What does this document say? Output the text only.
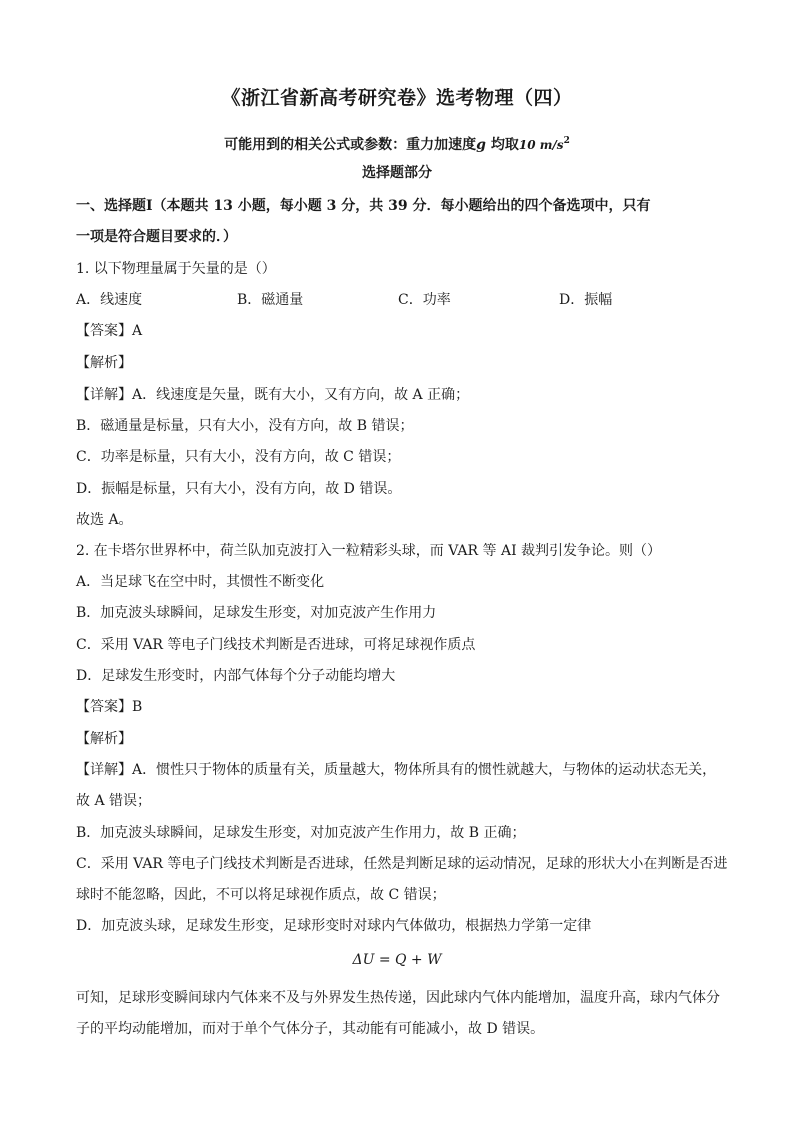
《浙江省新高考研究卷》选考物理（四）
可能用到的相关公式或参数：重力加速度g 均取10 $m/s^2$
选择题部分
一、选择题Ⅰ（本题共 13 小题，每小题 3 分，共 39 分．每小题给出的四个备选项中，只有
一项是符合题目要求的．）
1. 以下物理量属于矢量的是（）
A．线速度	B．磁通量	C．功率	D．振幅
【答案】A
【解析】
【详解】A．线速度是矢量，既有大小，又有方向，故 A 正确；
B．磁通量是标量，只有大小，没有方向，故 B 错误；
C．功率是标量，只有大小，没有方向，故 C 错误；
D．振幅是标量，只有大小，没有方向，故 D 错误。
故选 A。
2. 在卡塔尔世界杯中，荷兰队加克波打入一粒精彩头球，而 VAR 等 AI 裁判引发争论。则（）
A．当足球飞在空中时，其惯性不断变化
B．加克波头球瞬间，足球发生形变，对加克波产生作用力
C．采用 VAR 等电子门线技术判断是否进球，可将足球视作质点
D．足球发生形变时，内部气体每个分子动能均增大
【答案】B
【解析】
【详解】A．惯性只于物体的质量有关，质量越大，物体所具有的惯性就越大，与物体的运动状态无关，
故 A 错误；
B．加克波头球瞬间，足球发生形变，对加克波产生作用力，故 B 正确；
C．采用 VAR 等电子门线技术判断是否进球，任然是判断足球的运动情况，足球的形状大小在判断是否进
球时不能忽略，因此，不可以将足球视作质点，故 C 错误；
D．加克波头球，足球发生形变，足球形变时对球内气体做功，根据热力学第一定律
ΔU = Q + W
可知，足球形变瞬间球内气体来不及与外界发生热传递，因此球内气体内能增加，温度升高，球内气体分
子的平均动能增加，而对于单个气体分子，其动能有可能减小，故 D 错误。
